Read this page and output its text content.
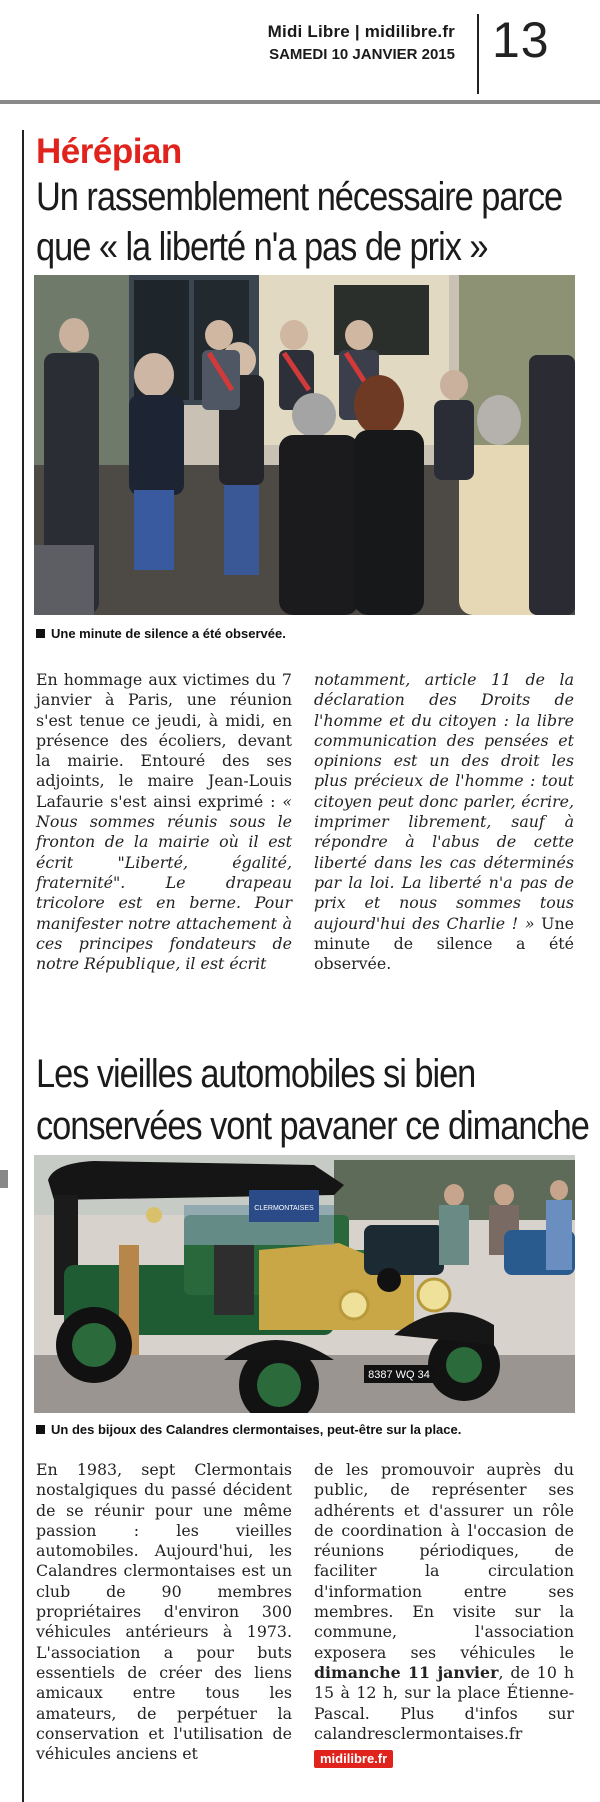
Midi Libre | midilibre.fr
SAMEDI 10 JANVIER 2015 13
Hérépian
Un rassemblement nécessaire parce
que « la liberté n'a pas de prix »
Une minute de silence a été observée.

En hommage aux victimes du 7 janvier à Paris, une réunion s'est tenue ce jeudi, à midi, en présence des écoliers, devant la mairie. Entouré des ses adjoints, le maire Jean-Louis Lafaurie s'est ainsi exprimé : « Nous sommes réunis sous le fronton de la mairie où il est écrit "Liberté, égalité, fraternité". Le drapeau tricolore est en berne. Pour manifester notre attachement à ces principes fondateurs de notre République, il est écrit

notamment, article 11 de la déclaration des Droits de l'homme et du citoyen : la libre communication des pensées et opinions est un des droit les plus précieux de l'homme : tout citoyen peut donc parler, écrire, imprimer librement, sauf à répondre à l'abus de cette liberté dans les cas déterminés par la loi. La liberté n'a pas de prix et nous sommes tous aujourd'hui des Charlie ! » Une minute de silence a été observée.

Les vieilles automobiles si bien
conservées vont pavaner ce dimanche
CLERMONTAISES
8387 WQ 34
Un des bijoux des Calandres clermontaises, peut-être sur la place.

En 1983, sept Clermontais nostalgiques du passé décident de se réunir pour une même passion : les vieilles automobiles. Aujourd'hui, les Calandres clermontaises est un club de 90 membres propriétaires d'environ 300 véhicules antérieurs à 1973. L'association a pour buts essentiels de créer des liens amicaux entre tous les amateurs, de perpétuer la conservation et l'utilisation de véhicules anciens et

de les promouvoir auprès du public, de représenter ses adhérents et d'assurer un rôle de coordination à l'occasion de réunions périodiques, de faciliter la circulation d'information entre ses membres. En visite sur la commune, l'association exposera ses véhicules le dimanche 11 janvier, de 10 h 15 à 12 h, sur la place Étienne-Pascal. Plus d'infos sur calandresclermontaises.fr

midilibre.fr
